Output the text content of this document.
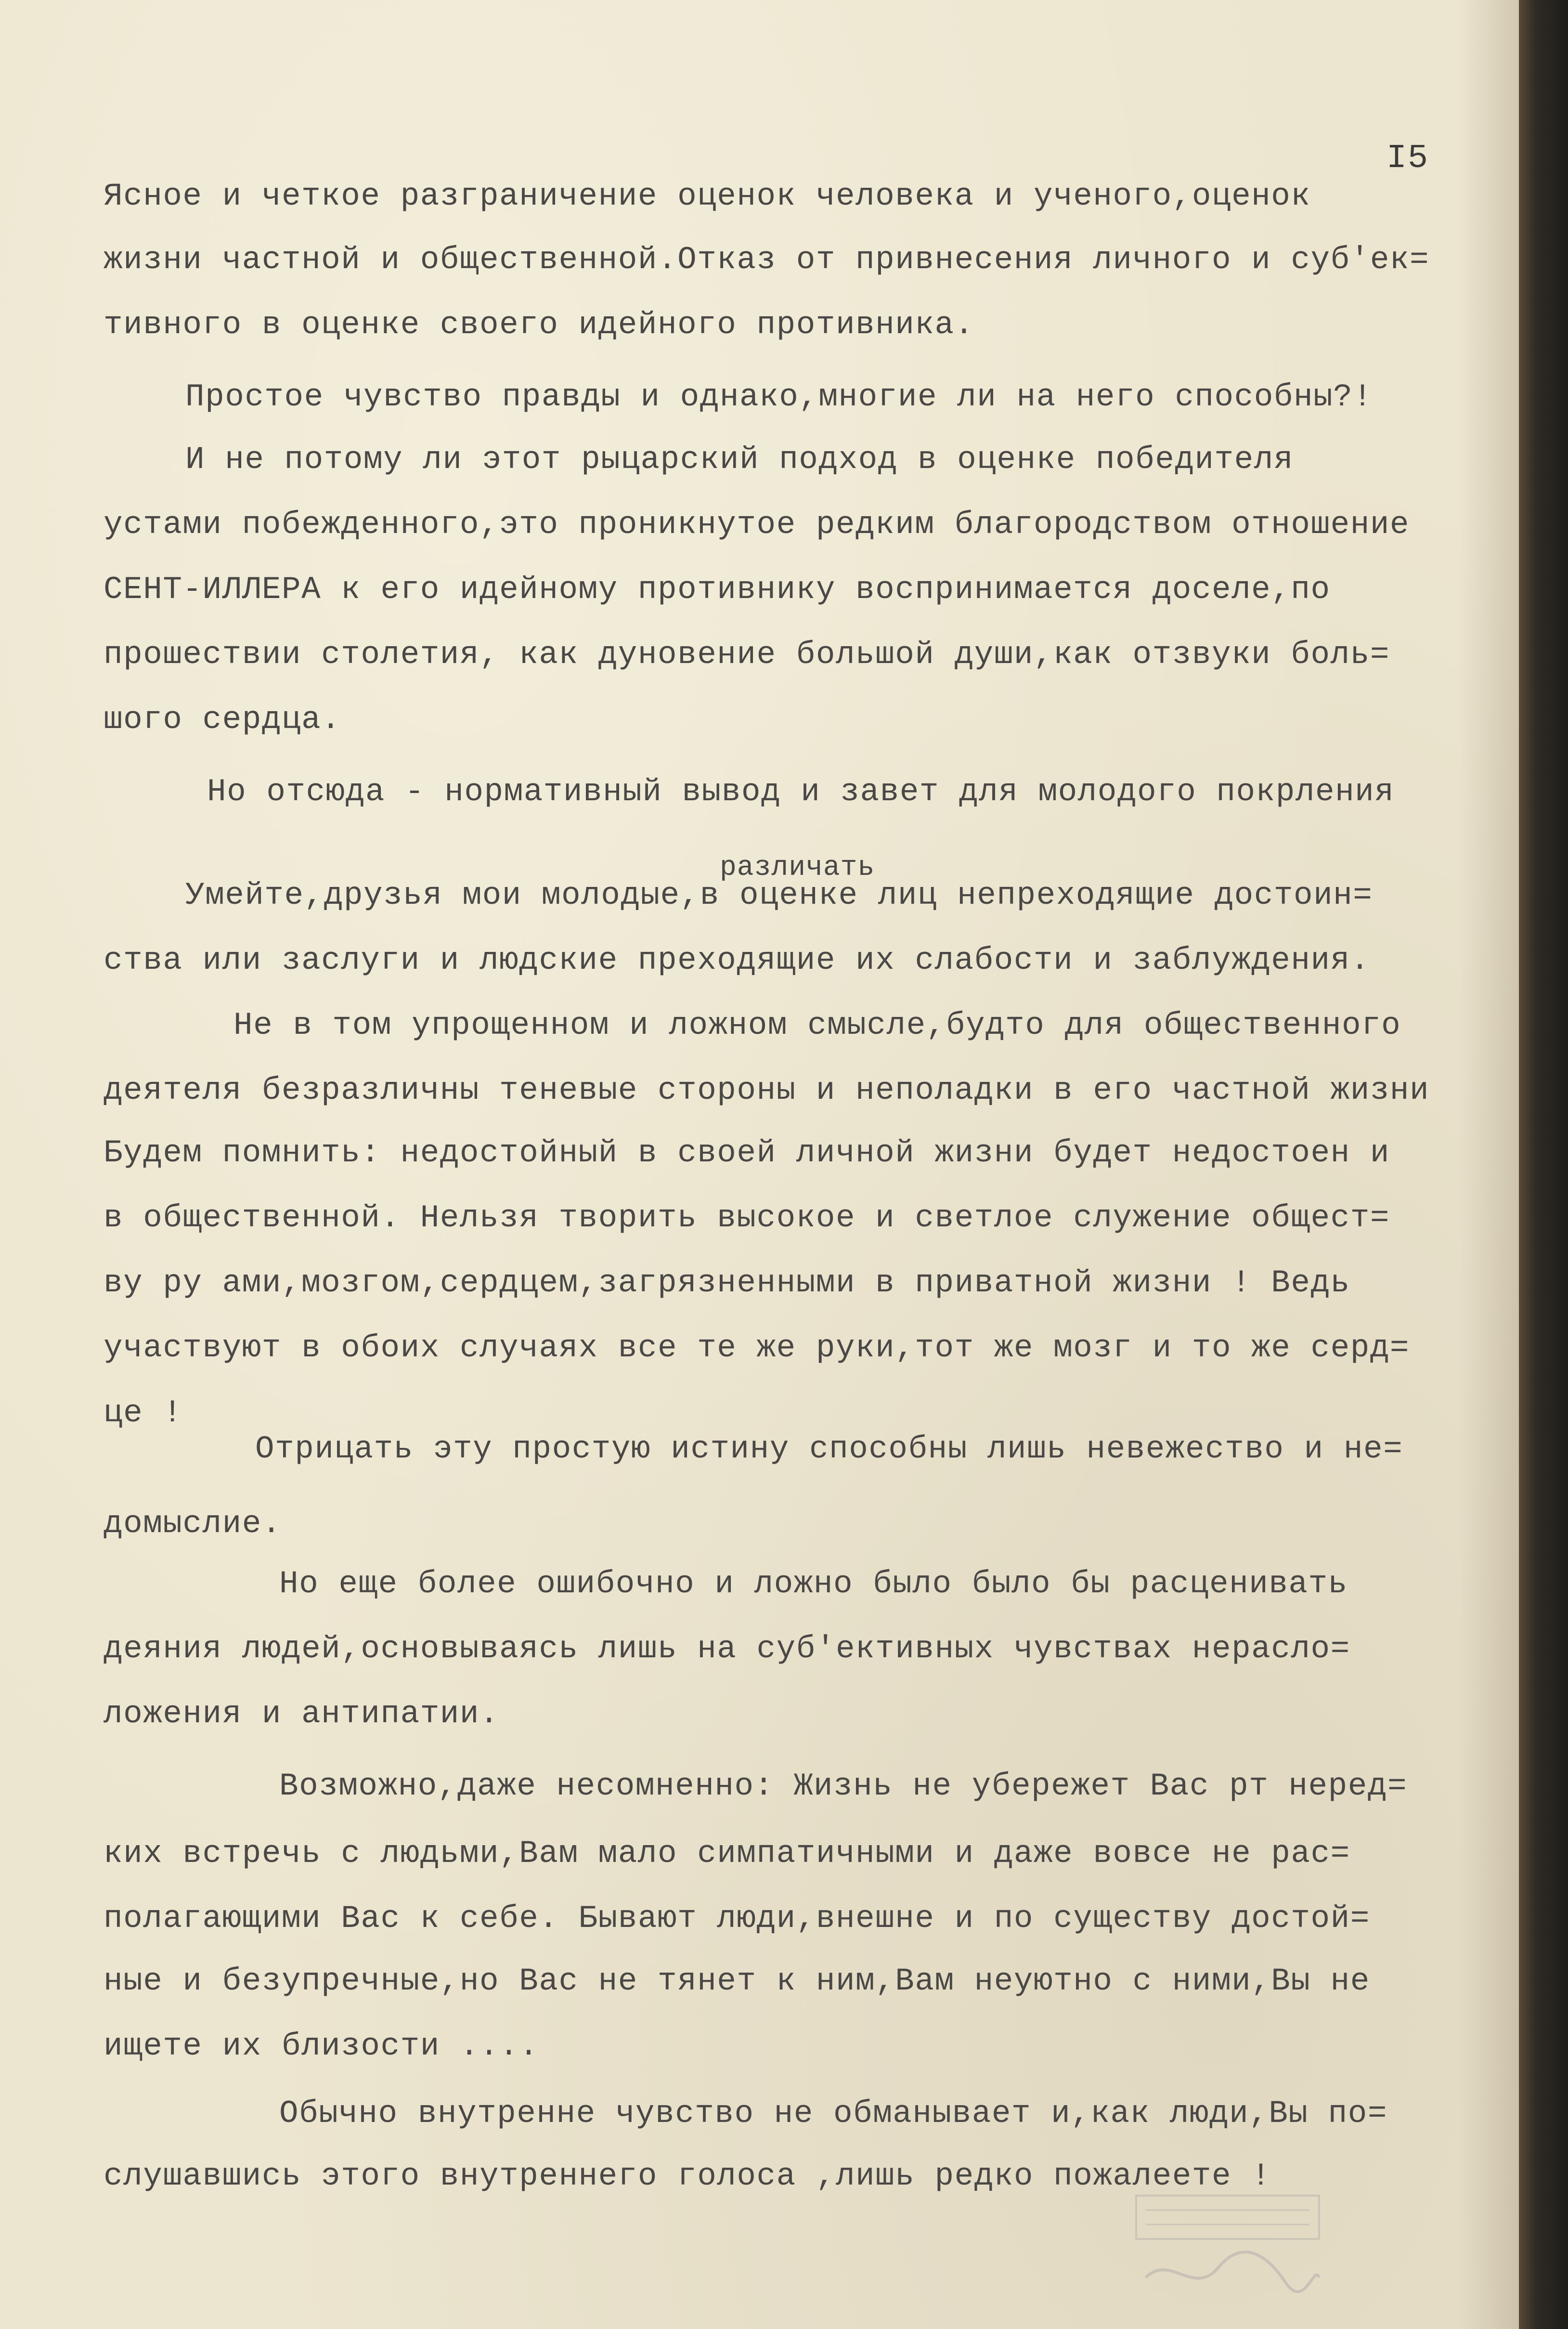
I5
Ясное и четкое разграничение оценок человека и ученого,оценок
жизни частной и общественной.Отказ от привнесения личного и суб'ек=
тивного в оценке своего идейного противника.
Простое чувство правды и однако,многие ли на него способны?!
И не потому ли этот рыцарский подход в оценке победителя
устами побежденного,это проникнутое редким благородством отношение
СЕНТ-ИЛЛЕРА к его идейному противнику воспринимается доселе,по
прошествии столетия, как дуновение большой души,как отзвуки боль=
шого сердца.
Но отсюда - нормативный вывод и завет для молодого покрления
различать
Умейте,друзья мои молодые,в оценке лиц непреходящие достоин=
ства или заслуги и людские преходящие их слабости и заблуждения.
Не в том упрощенном и ложном смысле,будто для общественного
деятеля безразличны теневые стороны и неполадки в его частной жизни
Будем помнить: недостойный в своей личной жизни будет недостоен и
в общественной. Нельзя творить высокое и светлое служение общест=
ву ру ами,мозгом,сердцем,загрязненными в приватной жизни ! Ведь
участвуют в обоих случаях все те же руки,тот же мозг и то же серд=
це !
Отрицать эту простую истину способны лишь невежество и не=
домыслие.
Но еще более ошибочно и ложно было было бы расценивать
деяния людей,основываясь лишь на суб'ективных чувствах нерасло=
ложения и антипатии.
Возможно,даже несомненно: Жизнь не убережет Вас рт неред=
ких встречь с людьми,Вам мало симпатичными и даже вовсе не рас=
полагающими Вас к себе. Бывают люди,внешне и по существу достой=
ные и безупречные,но Вас не тянет к ним,Вам неуютно с ними,Вы не
ищете их близости ....
Обычно внутренне чувство не обманывает и,как люди,Вы по=
слушавшись этого внутреннего голоса ,лишь редко пожалеете !
